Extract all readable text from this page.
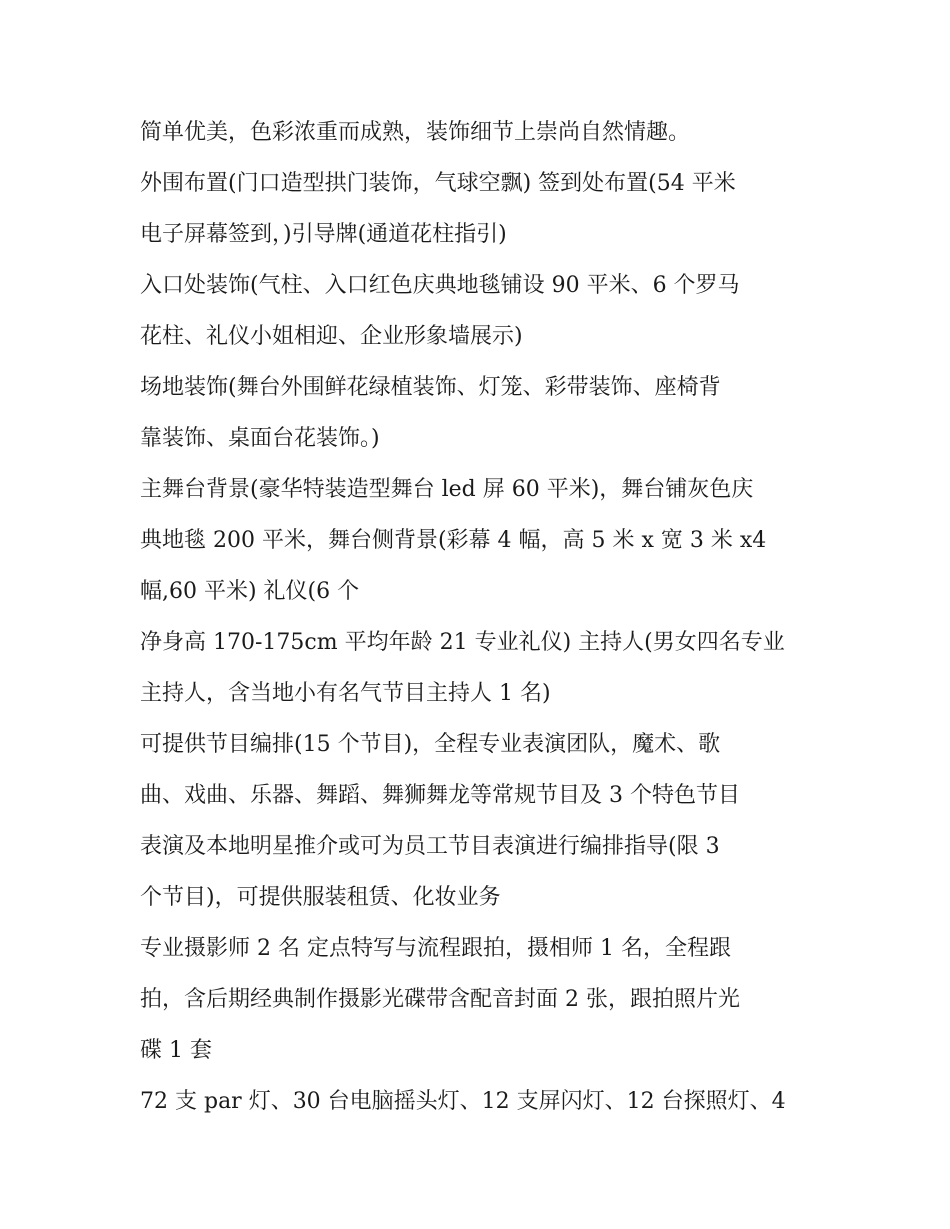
简单优美，色彩浓重而成熟，装饰细节上崇尚自然情趣。
外围布置(门口造型拱门装饰，气球空飘) 签到处布置(54 平米
电子屏幕签到，)引导牌(通道花柱指引)
入口处装饰(气柱、入口红色庆典地毯铺设 90 平米、6 个罗马
花柱、礼仪小姐相迎、企业形象墙展示)
场地装饰(舞台外围鲜花绿植装饰、灯笼、彩带装饰、座椅背
靠装饰、桌面台花装饰。)
主舞台背景(豪华特装造型舞台 led 屏 60 平米)，舞台铺灰色庆
典地毯 200 平米，舞台侧背景(彩幕 4 幅，高 5 米 x 宽 3 米 x4
幅,60 平米) 礼仪(6 个
净身高 170-175cm 平均年龄 21 专业礼仪) 主持人(男女四名专业
主持人，含当地小有名气节目主持人 1 名)
可提供节目编排(15 个节目)，全程专业表演团队，魔术、歌
曲、戏曲、乐器、舞蹈、舞狮舞龙等常规节目及 3 个特色节目
表演及本地明星推介或可为员工节目表演进行编排指导(限 3
个节目)，可提供服装租赁、化妆业务
专业摄影师 2 名 定点特写与流程跟拍，摄相师 1 名，全程跟
拍，含后期经典制作摄影光碟带含配音封面 2 张，跟拍照片光
碟 1 套
72 支 par 灯、30 台电脑摇头灯、12 支屏闪灯、12 台探照灯、4
